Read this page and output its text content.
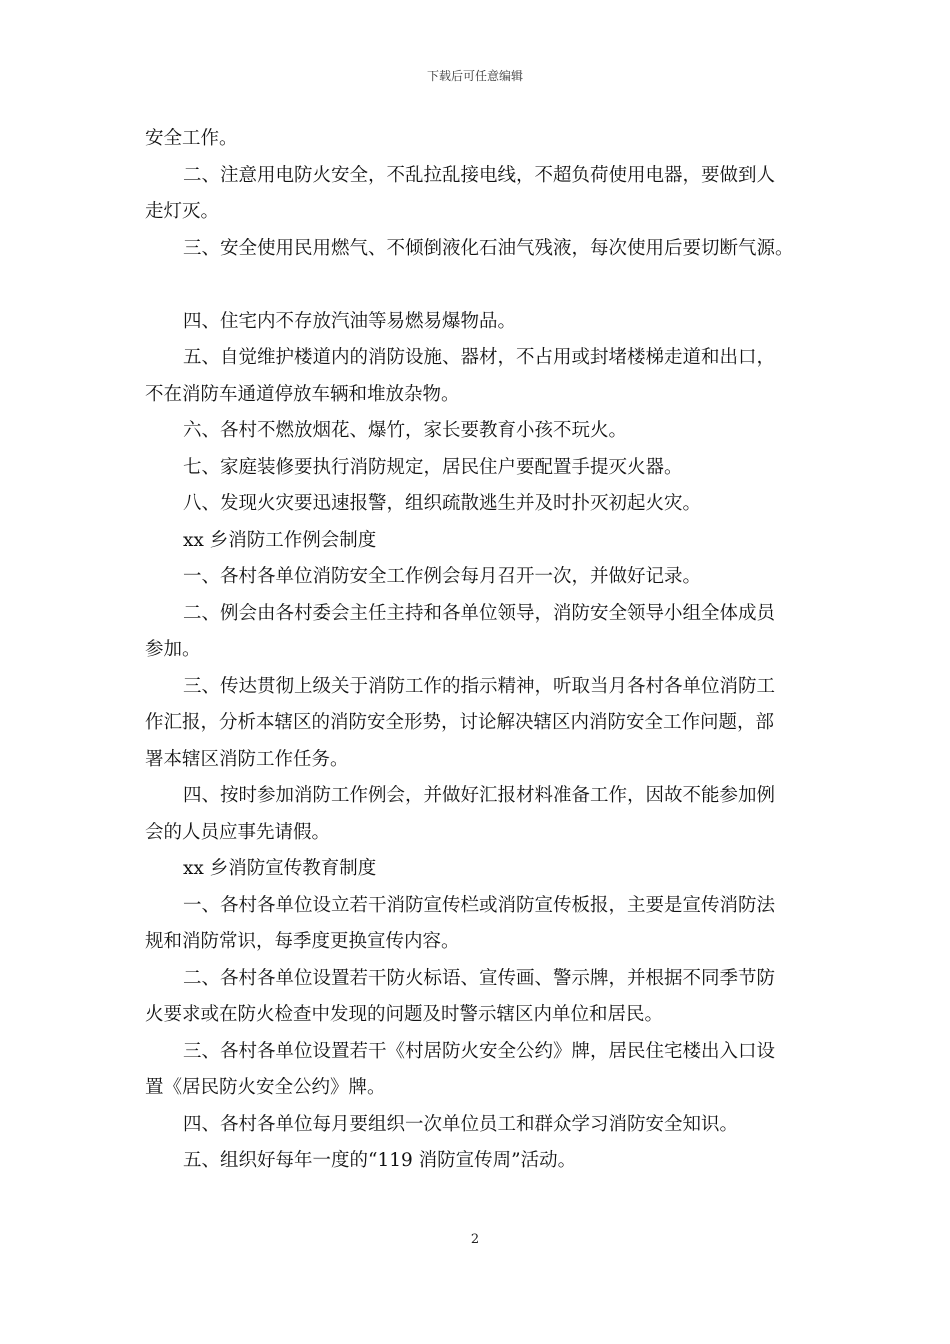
下载后可任意编辑
安全工作。
二、注意用电防火安全，不乱拉乱接电线，不超负荷使用电器，要做到人
走灯灭。
三、安全使用民用燃气、不倾倒液化石油气残液，每次使用后要切断气源。
四、住宅内不存放汽油等易燃易爆物品。
五、自觉维护楼道内的消防设施、器材，不占用或封堵楼梯走道和出口，
不在消防车通道停放车辆和堆放杂物。
六、各村不燃放烟花、爆竹，家长要教育小孩不玩火。
七、家庭装修要执行消防规定，居民住户要配置手提灭火器。
八、发现火灾要迅速报警，组织疏散逃生并及时扑灭初起火灾。
xx 乡消防工作例会制度
一、各村各单位消防安全工作例会每月召开一次，并做好记录。
二、例会由各村委会主任主持和各单位领导，消防安全领导小组全体成员
参加。
三、传达贯彻上级关于消防工作的指示精神，听取当月各村各单位消防工
作汇报，分析本辖区的消防安全形势，讨论解决辖区内消防安全工作问题，部
署本辖区消防工作任务。
四、按时参加消防工作例会，并做好汇报材料准备工作，因故不能参加例
会的人员应事先请假。
xx 乡消防宣传教育制度
一、各村各单位设立若干消防宣传栏或消防宣传板报，主要是宣传消防法
规和消防常识，每季度更换宣传内容。
二、各村各单位设置若干防火标语、宣传画、警示牌，并根据不同季节防
火要求或在防火检查中发现的问题及时警示辖区内单位和居民。
三、各村各单位设置若干《村居防火安全公约》牌，居民住宅楼出入口设
置《居民防火安全公约》牌。
四、各村各单位每月要组织一次单位员工和群众学习消防安全知识。
五、组织好每年一度的“119 消防宣传周”活动。
2
